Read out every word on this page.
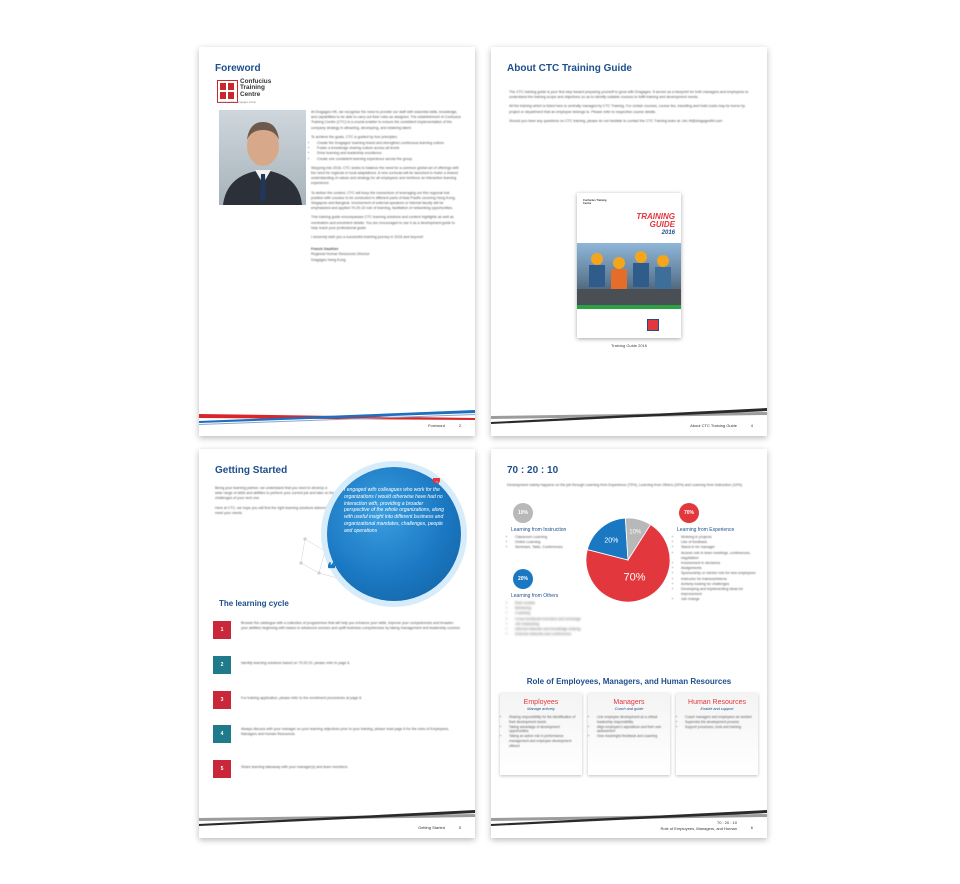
Foreword
Confucius
Training
Centre
A member of the Dragages Group

At Dragages HK, we recognise the need to provide our staff with essential skills, knowledge, and capabilities to be able to carry out their roles as assigned. The establishment of Confucius Training Centre (CTC) is a crucial enabler to ensure the consistent implementation of the company strategy in attracting, developing, and retaining talent.

To achieve the goals, CTC is guided by four principles:

• Create the Dragages' learning brand and strengthen continuous learning culture
• Foster a knowledge sharing culture across all levels
• Drive learning and leadership excellence
• Create one consistent learning experience across the group

Stepping into 2016, CTC seeks to balance the need for a common global set of offerings with the need for regional or local adaptations. A new curricula will be launched to foster a shared understanding of values and strategy for all employees and reinforce an interactive learning experience.

To deliver the content, CTC will keep the momentum of leveraging our thin regional hub position with courses to be conducted in different parts of Asia Pacific covering Hong Kong, Singapore and Bangkok. Involvement of external speakers or internal faculty will be emphasized and applied 70-20-10 rule of learning, facilitation of networking opportunities.

This training guide encompasses CTC learning solutions and content highlights as well as nomination and enrolment details. You are encouraged to use it as a development guide to help reach your professional goals.

I sincerely wish you a successful learning journey in 2016 and beyond!

Franck Gauthier
Regional Human Resources Director
Dragages Hong Kong
Foreword	2
About CTC Training Guide

The CTC training guide is your first step toward preparing yourself to grow with Dragages. It serves as a blueprint for both managers and employees to understand the training scope and objectives so as to identify suitable courses to fulfill training and development needs.

All the training which is listed here is centrally managed by CTC Training. For certain courses, course fee, travelling and hotel costs may be borne by project or department that an employee belongs to. Please refer to respective course details.

Should you have any questions on CTC training, please do not hesitate to contact the CTC Training team at: ctrc.rft@dragagesfht.com

Confucius Training Centre
TRAINING
GUIDE
2016
Training Guide 2016
About CTC Training Guide	4
Getting Started

Being your learning partner, we understand that you need to develop a wide range of skills and abilities to perform your current job and take on the challenges of your next one.

Here at CTC, we hope you will find the right learning solutions tailored to meet your needs.

❞
I engaged with colleagues who work for the organizations I would otherwise have had no interaction with, providing a broader perspective of the whole organizations, along with useful insight into different business and organizational mandates, challenges, people and operations
❝
The learning cycle
1
Browse the catalogue with a collection of programmes that will help you enhance your skills, improve your competencies and broaden your abilities beginning with basics to advanced courses and uplift business competencies by taking management and leadership courses.
2	Identify learning solutions based on 70:20:10, please refer to page 6.
3	For training application, please refer to the enrollment procedures at page 8.
4
Always discuss with your manager on your learning objectives prior to your training, please read page 6 for the roles of Employees, Managers and Human Resources.
5	Share learning takeaway with your manager(s) and team members.
Getting Started	5
70 : 20 : 10
Development mainly happens on the job through Learning from Experience (70%), Learning from Others (20%) and Learning from Instruction (10%).
10%
Learning from Instruction
• Classroom Learning
• Online Learning
• Seminars, Talks, Conferences
20%
Learning from Others
• Role models
• Mentoring
• Coaching
• Cross-functional exercises and exchange
• Job shadowing
• Internal networks and knowledge sharing
• External networks and conferences
70%
20%
10%
70%
Learning from Experience
• Working in projects
• Use of feedback
• Stand-in for manager
• Access role in team meetings, conferences, negotiation
• Involvement in decisions
• Assignments
• Sponsorship or mentor role for new employees
• Instructor for trainees/interns
• Actively looking for challenges
• Developing and implementing ideas for improvement
• Job change
Role of Employees, Managers, and Human Resources
Employees
Manage actively
• Sharing responsibility for the identification of their development needs
• Taking advantage of development opportunities
• Taking an active role in performance management and employee development offered
Managers
Coach and guide
• Line employee development as a critical leadership responsibility
• Align employee's aspirations and their own assessment
• Give meaningful feedback and coaching
Human Resources
Enable and support
• Coach managers and employees as needed
• Supervise the development process
• Support processes, tools and training
70 : 20 : 10
Role of Employees, Managers, and Human	6
